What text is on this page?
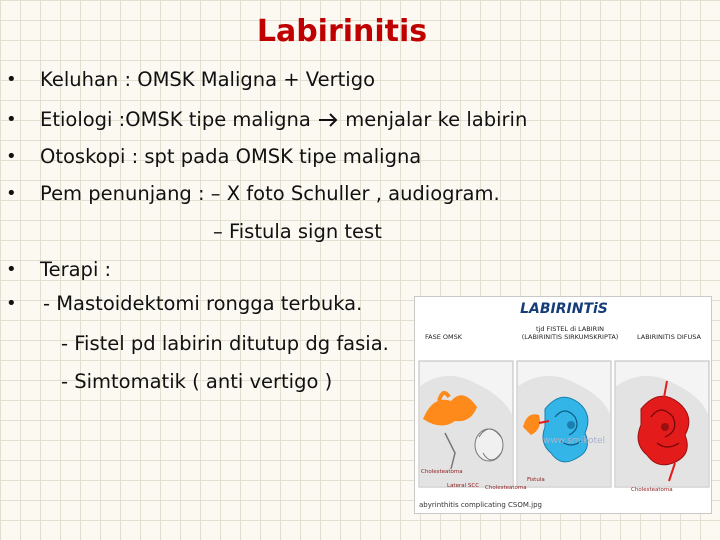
Labirinitis
• Keluhan : OMSK Maligna + Vertigo
• Etiologi :OMSK tipe maligna  menjalar ke labirin
• Otoskopi : spt pada OMSK tipe maligna
• Pem penunjang : – X foto Schuller , audiogram.
– Fistula sign test
• Terapi :
• - Mastoidektomi rongga terbuka.
- Fistel pd labirin ditutup dg fasia.
- Simtomatik ( anti vertigo )
LABIRINTiS
FASE OMSK
tjd FISTEL di LABIRIN
(LABIRINITIS SIRKUMSKRIPTA)	LABIRINITIS DIFUSA
Cholesteatoma
Lateral SCC Cholesteatoma
Fistula
Cholesteatoma
www.smikotel
abyrinthitis complicating CSOM.jpg
